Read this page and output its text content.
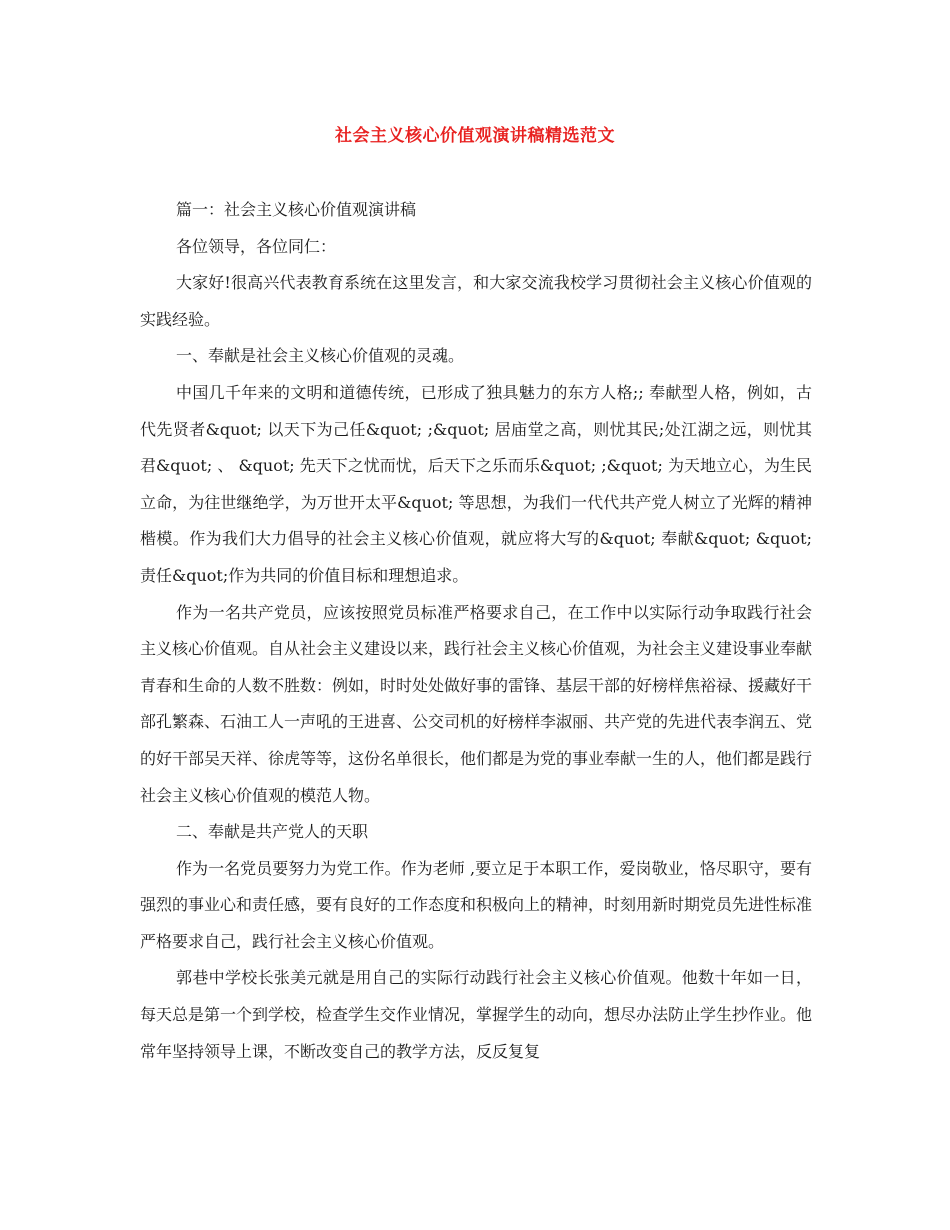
社会主义核心价值观演讲稿精选范文

篇一：社会主义核心价值观演讲稿

各位领导，各位同仁：

大家好!很高兴代表教育系统在这里发言，和大家交流我校学习贯彻社会主义核心价值观的实践经验。

一、奉献是社会主义核心价值观的灵魂。

中国几千年来的文明和道德传统，已形成了独具魅力的东方人格;; 奉献型人格，例如，古代先贤者&quot; 以天下为己任&quot; ;&quot; 居庙堂之高，则忧其民;处江湖之远，则忧其君&quot; 、 &quot; 先天下之忧而忧，后天下之乐而乐&quot; ;&quot; 为天地立心，为生民立命，为往世继绝学，为万世开太平&quot; 等思想，为我们一代代共产党人树立了光辉的精神楷模。作为我们大力倡导的社会主义核心价值观，就应将大写的&quot; 奉献&quot; &quot;责任&quot;作为共同的价值目标和理想追求。

作为一名共产党员，应该按照党员标准严格要求自己，在工作中以实际行动争取践行社会主义核心价值观。自从社会主义建设以来，践行社会主义核心价值观，为社会主义建设事业奉献青春和生命的人数不胜数：例如，时时处处做好事的雷锋、基层干部的好榜样焦裕禄、援藏好干部孔繁森、石油工人一声吼的王进喜、公交司机的好榜样李淑丽、共产党的先进代表李润五、党的好干部吴天祥、徐虎等等，这份名单很长，他们都是为党的事业奉献一生的人，他们都是践行社会主义核心价值观的模范人物。

二、奉献是共产党人的天职

作为一名党员要努力为党工作。作为老师 ,要立足于本职工作，爱岗敬业，恪尽职守，要有强烈的事业心和责任感，要有良好的工作态度和积极向上的精神，时刻用新时期党员先进性标准严格要求自己，践行社会主义核心价值观。

郭巷中学校长张美元就是用自己的实际行动践行社会主义核心价值观。他数十年如一日，每天总是第一个到学校，检查学生交作业情况，掌握学生的动向，想尽办法防止学生抄作业。他常年坚持领导上课，不断改变自己的教学方法，反反复复
